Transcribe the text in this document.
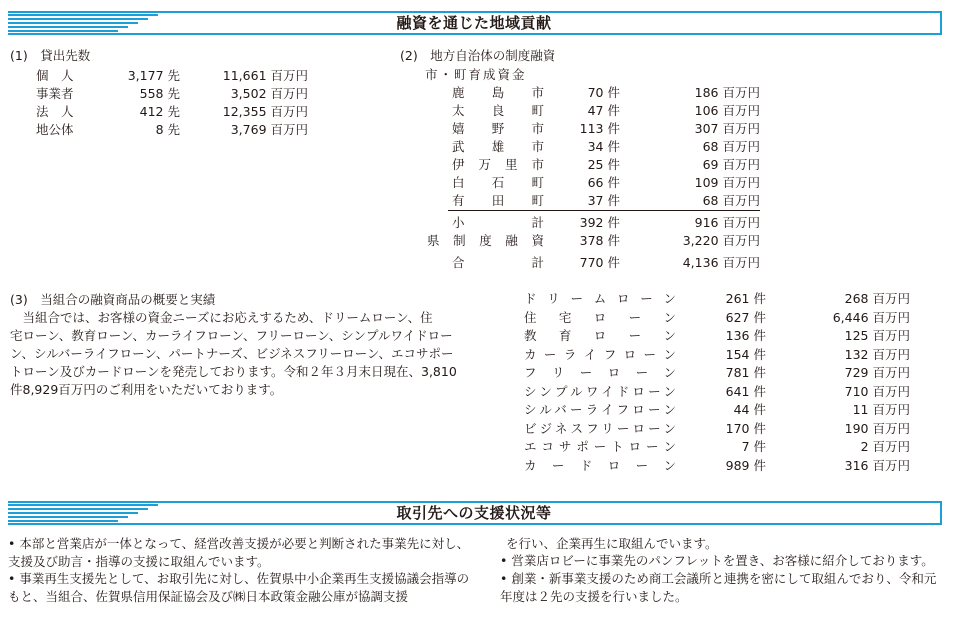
融資を通じた地域貢献
(1)　貸出先数
個　人	3,177 先	11,661 百万円
事業者	558 先	3,502 百万円
法　人	412 先	12,355 百万円
地公体	8 先	3,769 百万円
(2)　地方自治体の制度融資
市・町育成資金
鹿　島　市	70 件	186 百万円
太　良　町	47 件	106 百万円
嬉　野　市	113 件	307 百万円
武　雄　市	34 件	68 百万円
伊 万 里 市	25 件	69 百万円
白　石　町	66 件	109 百万円
有　田　町	37 件	68 百万円
小　　　計	392 件	916 百万円
県 制 度 融 資	378 件	3,220 百万円
合　　　計	770 件	4,136 百万円
(3)　当組合の融資商品の概要と実績
　当組合では、お客様の資金ニーズにお応えするため、ドリームローン、住
宅ローン、教育ローン、カーライフローン、フリーローン、シンプルワイドロー
ン、シルバーライフローン、パートナーズ、ビジネスフリーローン、エコサポー
トローン及びカードローンを発売しております。令和２年３月末日現在、3,810
件8,929百万円のご利用をいただいております。
ド リ ー ム ロ ー ン	261 件	268 百万円
住　宅　ロ　ー　ン	627 件	6,446 百万円
教　育　ロ　ー　ン	136 件	125 百万円
カ ー ラ イ フ ロ ー ン	154 件	132 百万円
フ　リ　ー　ロ　ー　ン	781 件	729 百万円
シンプルワイドローン	641 件	710 百万円
シルバーライフローン	44 件	11 百万円
ビジネスフリーローン	170 件	190 百万円
エ コ サ ポ ー ト ロ ー ン	7 件	2 百万円
カ　ー　ド　ロ　ー　ン	989 件	316 百万円
取引先への支援状況等
• 本部と営業店が一体となって、経営改善支援が必要と判断された事業先に対し、支援及び助言・指導の支援に取組んでいます。
• 事業再生支援先として、お取引先に対し、佐賀県中小企業再生支援協議会指導のもと、当組合、佐賀県信用保証協会及び㈱日本政策金融公庫が協調支援
を行い、企業再生に取組んでいます。
• 営業店ロビーに事業先のパンフレットを置き、お客様に紹介しております。
• 創業・新事業支援のため商工会議所と連携を密にして取組んでおり、令和元年度は２先の支援を行いました。
